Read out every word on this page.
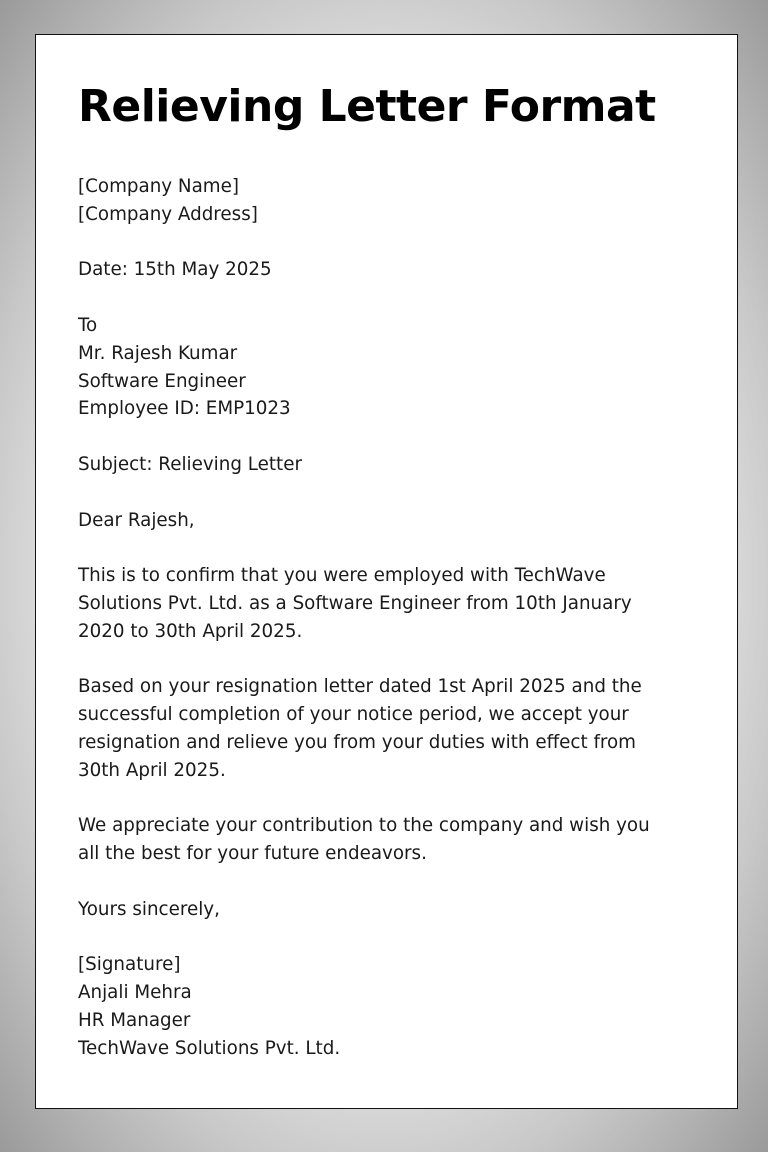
Relieving Letter Format
[Company Name]
[Company Address]
Date: 15th May 2025
To
Mr. Rajesh Kumar
Software Engineer
Employee ID: EMP1023
Subject: Relieving Letter
Dear Rajesh,
This is to confirm that you were employed with TechWave
Solutions Pvt. Ltd. as a Software Engineer from 10th January
2020 to 30th April 2025.
Based on your resignation letter dated 1st April 2025 and the
successful completion of your notice period, we accept your
resignation and relieve you from your duties with effect from
30th April 2025.
We appreciate your contribution to the company and wish you
all the best for your future endeavors.
Yours sincerely,
[Signature]
Anjali Mehra
HR Manager
TechWave Solutions Pvt. Ltd.
